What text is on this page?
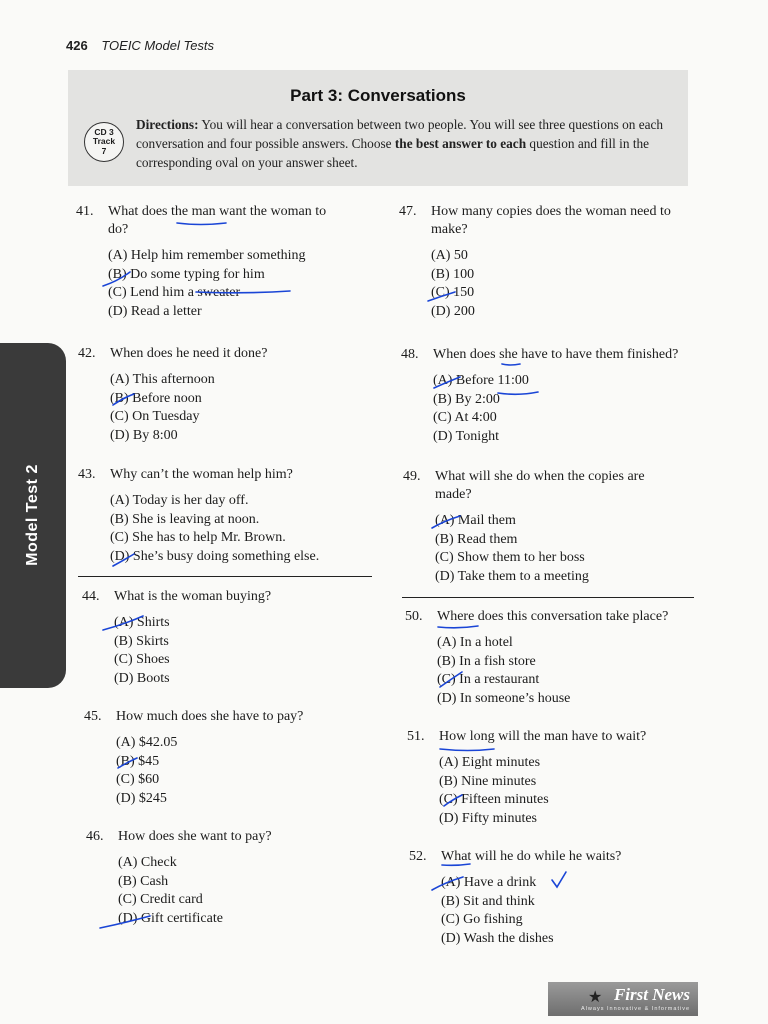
426 TOEIC Model Tests
Part 3: Conversations
CD 3
Track
7
Directions: You will hear a conversation between two people. You will see three questions on each conversation and four possible answers. Choose the best answer to each question and fill in the corresponding oval on your answer sheet.
Model Test 2
41.	What does the man want the woman to do?
(A) Help him remember something
(B) Do some typing for him
(C) Lend him a sweater
(D) Read a letter
42.	When does he need it done?
(A) This afternoon
(B) Before noon
(C) On Tuesday
(D) By 8:00
43.	Why can’t the woman help him?
(A) Today is her day off.
(B) She is leaving at noon.
(C) She has to help Mr. Brown.
(D) She’s busy doing something else.
44.	What is the woman buying?
(A) Shirts
(B) Skirts
(C) Shoes
(D) Boots
45.	How much does she have to pay?
(A) $42.05
(B) $45
(C) $60
(D) $245
46.	How does she want to pay?
(A) Check
(B) Cash
(C) Credit card
(D) Gift certificate
47.	How many copies does the woman need to make?
(A) 50
(B) 100
(C) 150
(D) 200
48.	When does she have to have them finished?
(A) Before 11:00
(B) By 2:00
(C) At 4:00
(D) Tonight
49.	What will she do when the copies are made?
(A) Mail them
(B) Read them
(C) Show them to her boss
(D) Take them to a meeting
50.	Where does this conversation take place?
(A) In a hotel
(B) In a fish store
(C) In a restaurant
(D) In someone’s house
51.	How long will the man have to wait?
(A) Eight minutes
(B) Nine minutes
(C) Fifteen minutes
(D) Fifty minutes
52.	What will he do while he waits?
(A) Have a drink
(B) Sit and think
(C) Go fishing
(D) Wash the dishes
★ First News
Always Innovative & Informative
